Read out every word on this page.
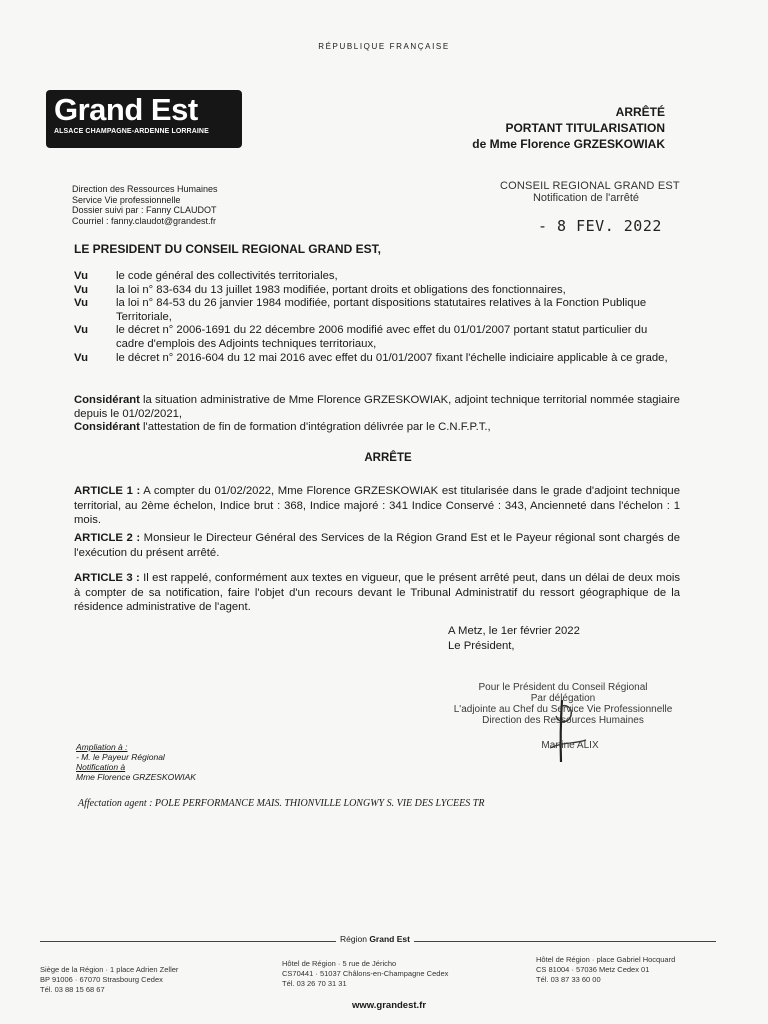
RÉPUBLIQUE FRANÇAISE
Grand Est
ALSACE CHAMPAGNE-ARDENNE LORRAINE
ARRÊTÉ
PORTANT TITULARISATION
de Mme Florence GRZESKOWIAK
Direction des Ressources Humaines
Service Vie professionnelle
Dossier suivi par : Fanny CLAUDOT
Courriel : fanny.claudot@grandest.fr
CONSEIL REGIONAL GRAND EST
Notification de l'arrêté
- 8 FEV. 2022
LE PRESIDENT DU CONSEIL REGIONAL GRAND EST,
Vu	le code général des collectivités territoriales,
Vu	la loi n° 83-634 du 13 juillet 1983 modifiée, portant droits et obligations des fonctionnaires,
Vu	la loi n° 84-53 du 26 janvier 1984 modifiée, portant dispositions statutaires relatives à la Fonction Publique Territoriale,
Vu	le décret n° 2006-1691 du 22 décembre 2006 modifié avec effet du 01/01/2007 portant statut particulier du cadre d'emplois des Adjoints techniques territoriaux,
Vu	le décret n° 2016-604 du 12 mai 2016 avec effet du 01/01/2007 fixant l'échelle indiciaire applicable à ce grade,
Considérant la situation administrative de Mme Florence GRZESKOWIAK, adjoint technique territorial nommée stagiaire depuis le 01/02/2021,
Considérant l'attestation de fin de formation d'intégration délivrée par le C.N.F.P.T.,
ARRÊTE
ARTICLE 1 : A compter du 01/02/2022, Mme Florence GRZESKOWIAK est titularisée dans le grade d'adjoint technique territorial, au 2ème échelon, Indice brut : 368, Indice majoré : 341 Indice Conservé : 343, Ancienneté dans l'échelon : 1 mois.
ARTICLE 2 : Monsieur le Directeur Général des Services de la Région Grand Est et le Payeur régional sont chargés de l'exécution du présent arrêté.
ARTICLE 3 : Il est rappelé, conformément aux textes en vigueur, que le présent arrêté peut, dans un délai de deux mois à compter de sa notification, faire l'objet d'un recours devant le Tribunal Administratif du ressort géographique de la résidence administrative de l'agent.
A Metz, le 1er février 2022
Le Président,
Pour le Président du Conseil Régional
Par délégation
L'adjointe au Chef du Service Vie Professionnelle
Direction des Ressources Humaines
Martine ALIX
Ampliation à :
- M. le Payeur Régional
Notification à
Mme Florence GRZESKOWIAK
Affectation agent : POLE PERFORMANCE MAIS. THIONVILLE LONGWY S. VIE DES LYCEES TR
Région Grand Est
Siège de la Région · 1 place Adrien Zeller
BP 91006 · 67070 Strasbourg Cedex
Tél. 03 88 15 68 67
Hôtel de Région · 5 rue de Jéricho
CS70441 · 51037 Châlons-en-Champagne Cedex
Tél. 03 26 70 31 31
Hôtel de Région · place Gabriel Hocquard
CS 81004 · 57036 Metz Cedex 01
Tél. 03 87 33 60 00
www.grandest.fr
